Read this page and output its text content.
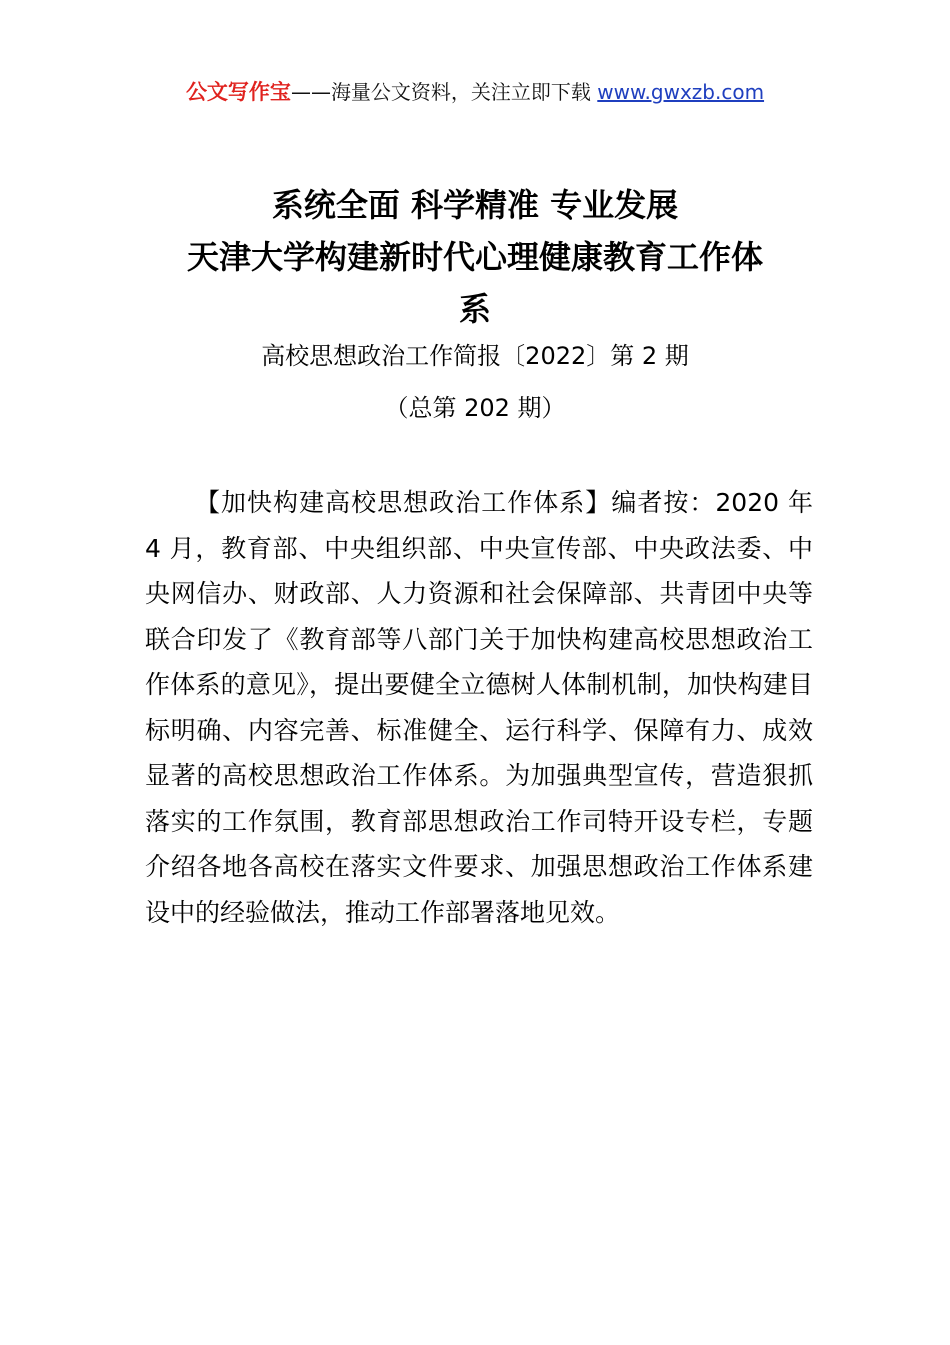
公文写作宝——海量公文资料，关注立即下载 www.gwxzb.com
系统全面 科学精准 专业发展
天津大学构建新时代心理健康教育工作体
系
高校思想政治工作简报〔2022〕第 2 期
（总第 202 期）
【加快构建高校思想政治工作体系】编者按：2020 年 4 月，教育部、中央组织部、中央宣传部、中央政法委、中央网信办、财政部、人力资源和社会保障部、共青团中央等联合印发了《教育部等八部门关于加快构建高校思想政治工作体系的意见》，提出要健全立德树人体制机制，加快构建目标明确、内容完善、标准健全、运行科学、保障有力、成效显著的高校思想政治工作体系。为加强典型宣传，营造狠抓落实的工作氛围，教育部思想政治工作司特开设专栏，专题介绍各地各高校在落实文件要求、加强思想政治工作体系建设中的经验做法，推动工作部署落地见效。
